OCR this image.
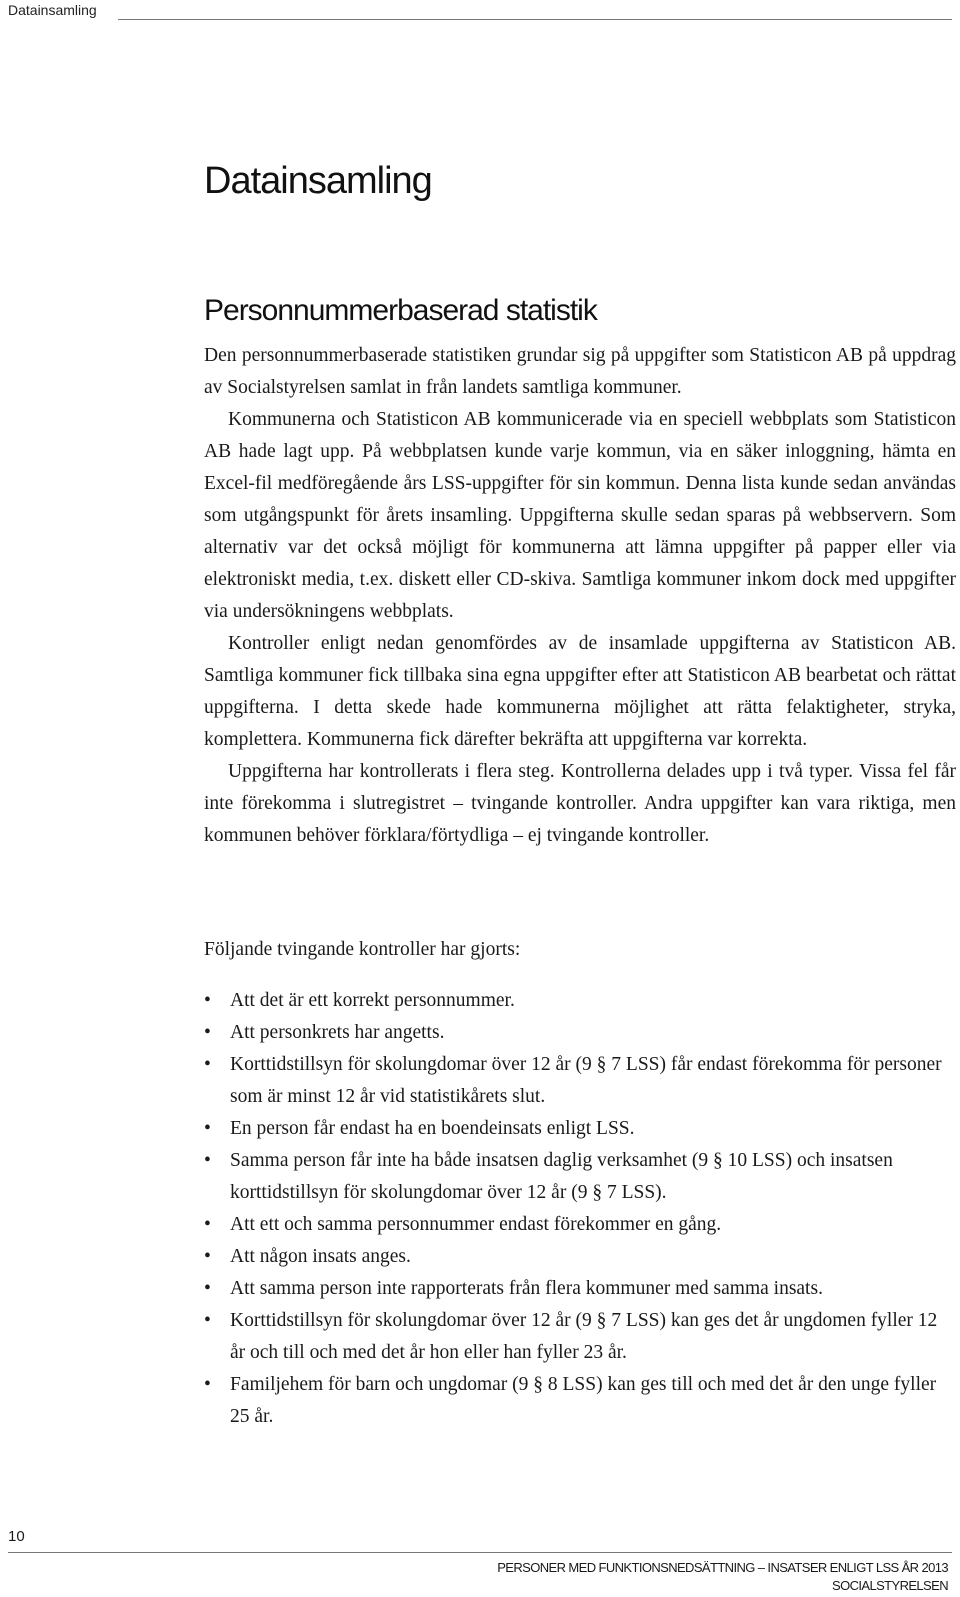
Datainsamling
Datainsamling
Personnummerbaserad statistik

Den personnummerbaserade statistiken grundar sig på uppgifter som Statisticon AB på uppdrag av Socialstyrelsen samlat in från landets samtliga kommuner.

Kommunerna och Statisticon AB kommunicerade via en speciell webbplats som Statisticon AB hade lagt upp. På webbplatsen kunde varje kommun, via en säker inloggning, hämta en Excel-fil medföregående års LSS-uppgifter för sin kommun. Denna lista kunde sedan användas som utgångspunkt för årets insamling. Uppgifterna skulle sedan sparas på webbservern. Som alternativ var det också möjligt för kommunerna att lämna uppgifter på papper eller via elektroniskt media, t.ex. diskett eller CD-skiva. Samtliga kommuner inkom dock med uppgifter via undersökningens webbplats.

Kontroller enligt nedan genomfördes av de insamlade uppgifterna av Statisticon AB. Samtliga kommuner fick tillbaka sina egna uppgifter efter att Statisticon AB bearbetat och rättat uppgifterna. I detta skede hade kommunerna möjlighet att rätta felaktigheter, stryka, komplettera. Kommunerna fick därefter bekräfta att uppgifterna var korrekta.

Uppgifterna har kontrollerats i flera steg. Kontrollerna delades upp i två typer. Vissa fel får inte förekomma i slutregistret – tvingande kontroller. Andra uppgifter kan vara riktiga, men kommunen behöver förklara/förtydliga – ej tvingande kontroller.

Följande tvingande kontroller har gjorts:

• Att det är ett korrekt personnummer.
• Att personkrets har angetts.
• Korttidstillsyn för skolungdomar över 12 år (9 § 7 LSS) får endast förekomma för personer som är minst 12 år vid statistikårets slut.
• En person får endast ha en boendeinsats enligt LSS.
• Samma person får inte ha både insatsen daglig verksamhet (9 § 10 LSS) och insatsen korttidstillsyn för skolungdomar över 12 år (9 § 7 LSS).
• Att ett och samma personnummer endast förekommer en gång.
• Att någon insats anges.
• Att samma person inte rapporterats från flera kommuner med samma insats.
• Korttidstillsyn för skolungdomar över 12 år (9 § 7 LSS) kan ges det år ungdomen fyller 12 år och till och med det år hon eller han fyller 23 år.
• Familjehem för barn och ungdomar (9 § 8 LSS) kan ges till och med det år den unge fyller 25 år.
10
PERSONER MED FUNKTIONSNEDSÄTTNING – INSATSER ENLIGT LSS ÅR 2013
SOCIALSTYRELSEN
